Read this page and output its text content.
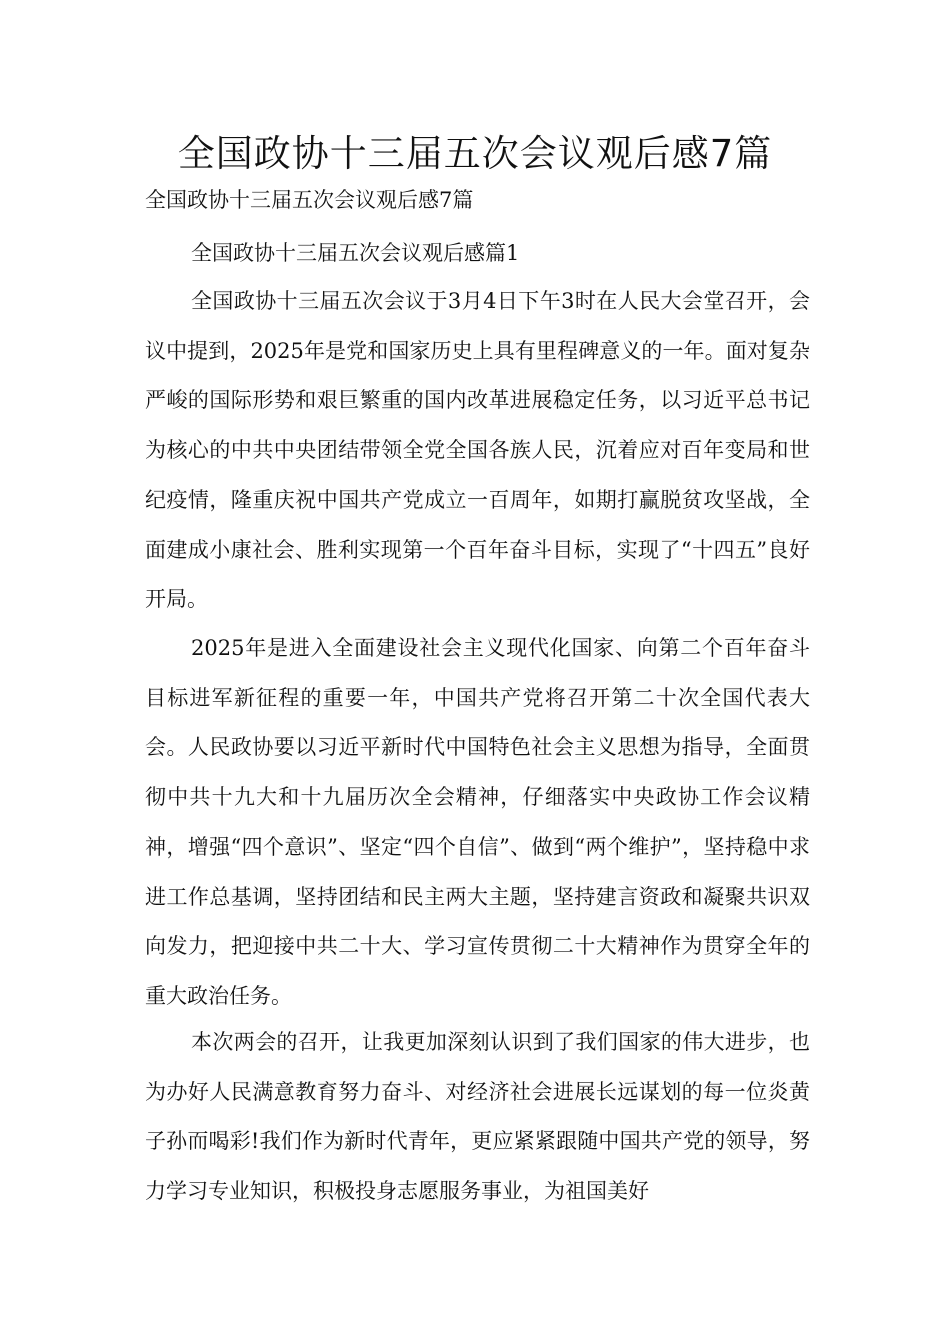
全国政协十三届五次会议观后感7篇

全国政协十三届五次会议观后感7篇

全国政协十三届五次会议观后感篇1

全国政协十三届五次会议于3月4日下午3时在人民大会堂召开，会议中提到，2025年是党和国家历史上具有里程碑意义的一年。面对复杂严峻的国际形势和艰巨繁重的国内改革进展稳定任务，以习近平总书记为核心的中共中央团结带领全党全国各族人民，沉着应对百年变局和世纪疫情，隆重庆祝中国共产党成立一百周年，如期打赢脱贫攻坚战，全面建成小康社会、胜利实现第一个百年奋斗目标，实现了“十四五”良好开局。

2025年是进入全面建设社会主义现代化国家、向第二个百年奋斗目标进军新征程的重要一年，中国共产党将召开第二十次全国代表大会。人民政协要以习近平新时代中国特色社会主义思想为指导，全面贯彻中共十九大和十九届历次全会精神，仔细落实中央政协工作会议精神，增强“四个意识”、坚定“四个自信”、做到“两个维护”，坚持稳中求进工作总基调，坚持团结和民主两大主题，坚持建言资政和凝聚共识双向发力，把迎接中共二十大、学习宣传贯彻二十大精神作为贯穿全年的重大政治任务。

本次两会的召开，让我更加深刻认识到了我们国家的伟大进步，也为办好人民满意教育努力奋斗、对经济社会进展长远谋划的每一位炎黄子孙而喝彩!我们作为新时代青年，更应紧紧跟随中国共产党的领导，努力学习专业知识，积极投身志愿服务事业，为祖国美好
